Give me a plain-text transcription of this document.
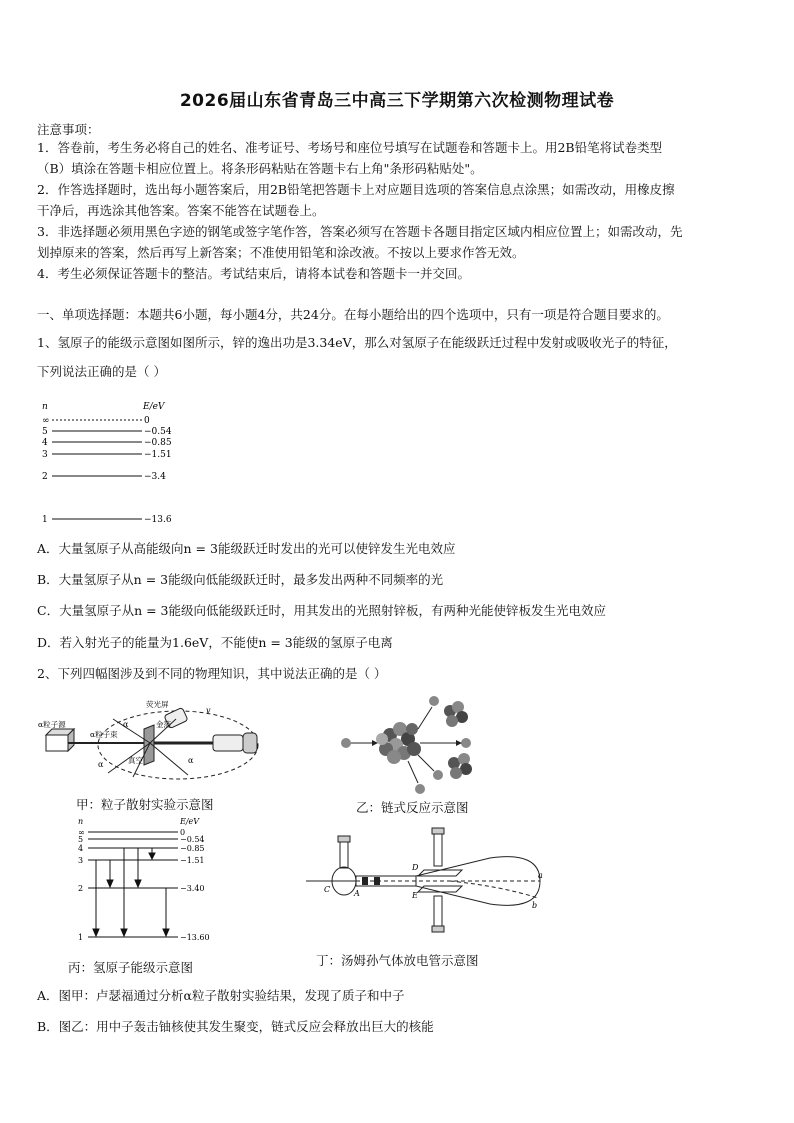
2026届山东省青岛三中高三下学期第六次检测物理试卷
注意事项：
1．答卷前，考生务必将自己的姓名、准考证号、考场号和座位号填写在试题卷和答题卡上。用2B铅笔将试卷类型
（B）填涂在答题卡相应位置上。将条形码粘贴在答题卡右上角"条形码粘贴处"。
2．作答选择题时，选出每小题答案后，用2B铅笔把答题卡上对应题目选项的答案信息点涂黑；如需改动，用橡皮擦
干净后，再选涂其他答案。答案不能答在试题卷上。
3．非选择题必须用黑色字迹的钢笔或签字笔作答，答案必须写在答题卡各题目指定区域内相应位置上；如需改动，先
划掉原来的答案，然后再写上新答案；不准使用铅笔和涂改液。不按以上要求作答无效。
4．考生必须保证答题卡的整洁。考试结束后，请将本试卷和答题卡一并交回。
一、单项选择题：本题共6小题，每小题4分，共24分。在每小题给出的四个选项中，只有一项是符合题目要求的。
1、氢原子的能级示意图如图所示，锌的逸出功是3.34eV，那么对氢原子在能级跃迁过程中发射或吸收光子的特征，
下列说法正确的是（ ）
n	E/eV
∞	0
5	−0.54
4	−0.85
3	−1.51
2	−3.4
1	−13.6
A．大量氢原子从高能级向n = 3能级跃迁时发出的光可以使锌发生光电效应
B．大量氢原子从n = 3能级向低能级跃迁时，最多发出两种不同频率的光
C．大量氢原子从n = 3能级向低能级跃迁时，用其发出的光照射锌板，有两种光能使锌板发生光电效应
D．若入射光子的能量为1.6eV，不能使n = 3能级的氢原子电离
2、下列四幅图涉及到不同的物理知识，其中说法正确的是（ ）
α粒子源
α粒子束
荧光屏
金箔
真空
α
α
α
v
甲：粒子散射实验示意图	乙：链式反应示意图
n	E/eV
∞	0
5	−0.54
4	−0.85
3	−1.51
2	−3.40
1	−13.60
丙：氢原子能级示意图
C	A
D
E
a
b
丁：汤姆孙气体放电管示意图
A．图甲：卢瑟福通过分析α粒子散射实验结果，发现了质子和中子
B．图乙：用中子轰击铀核使其发生聚变，链式反应会释放出巨大的核能
